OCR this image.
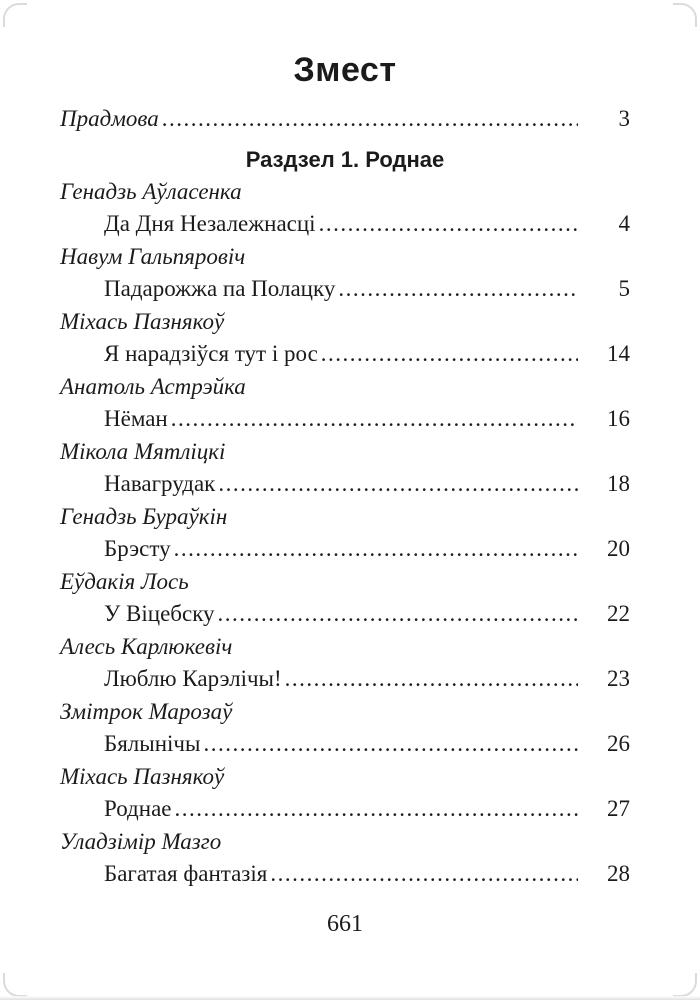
Змест
Прадмова .....	3
Раздзел 1. Роднае
Генадзь Аўласенка
Да Дня Незалежнасці .....	4
Навум Гальпяровіч
Падарожжа па Полацку .....	5
Міхась Пазнякоў
Я нарадзіўся тут і рос .....	14
Анатоль Астрэйка
Нёман .....	16
Мікола Мятліцкі
Навагрудак .....	18
Генадзь Бураўкін
Брэсту .....	20
Еўдакія Лось
У Віцебску .....	22
Алесь Карлюкевіч
Люблю Карэлічы! .....	23
Змітрок Марозаў
Бялынічы .....	26
Міхась Пазнякоў
Роднае .....	27
Уладзімір Мазго
Багатая фантазія .....	28
661
